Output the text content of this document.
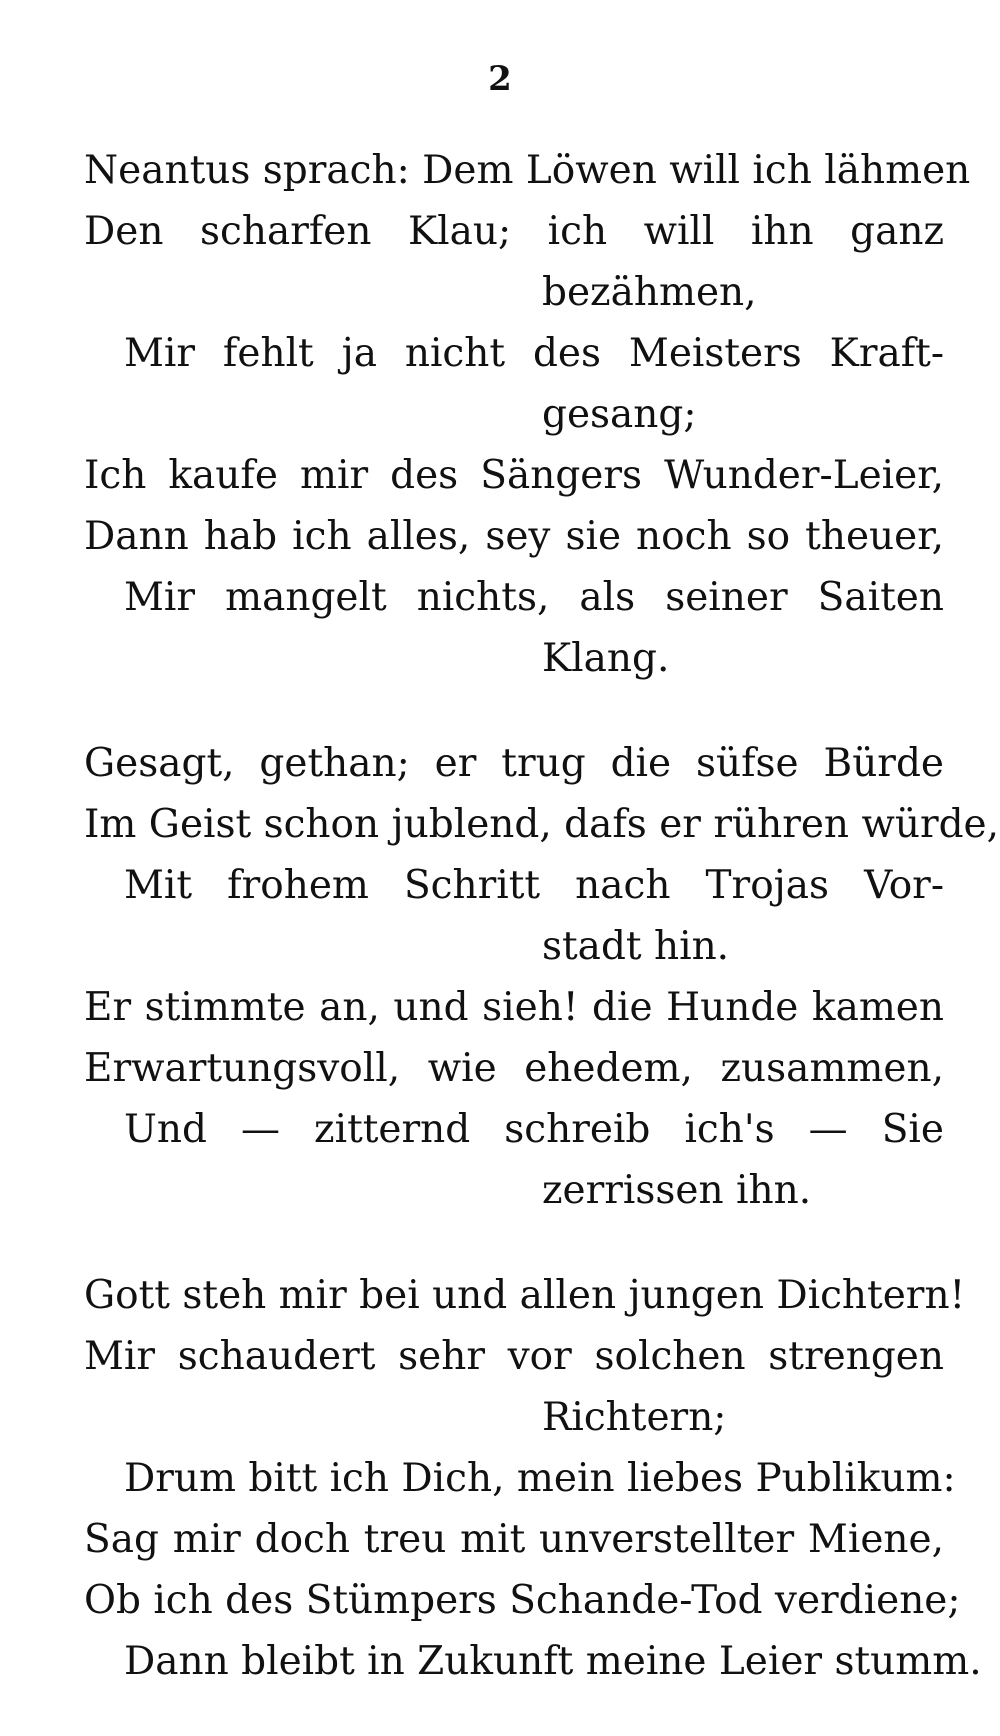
2
Neantus sprach: Dem Löwen will ich lähmen
Den scharfen Klau; ich will ihn ganz
bezähmen,
Mir fehlt ja nicht des Meisters Kraft-
gesang;
Ich kaufe mir des Sängers Wunder-Leier,
Dann hab ich alles, sey sie noch so theuer,
Mir mangelt nichts, als seiner Saiten
Klang.
Gesagt, gethan; er trug die süfse Bürde
Im Geist schon jublend, dafs er rühren würde,
Mit frohem Schritt nach Trojas Vor-
stadt hin.
Er stimmte an, und sieh! die Hunde kamen
Erwartungsvoll, wie ehedem, zusammen,
Und — zitternd schreib ich's — Sie
zerrissen ihn.
Gott steh mir bei und allen jungen Dichtern!
Mir schaudert sehr vor solchen strengen
Richtern;
Drum bitt ich Dich, mein liebes Publikum:
Sag mir doch treu mit unverstellter Miene,
Ob ich des Stümpers Schande-Tod verdiene;
Dann bleibt in Zukunft meine Leier stumm.
